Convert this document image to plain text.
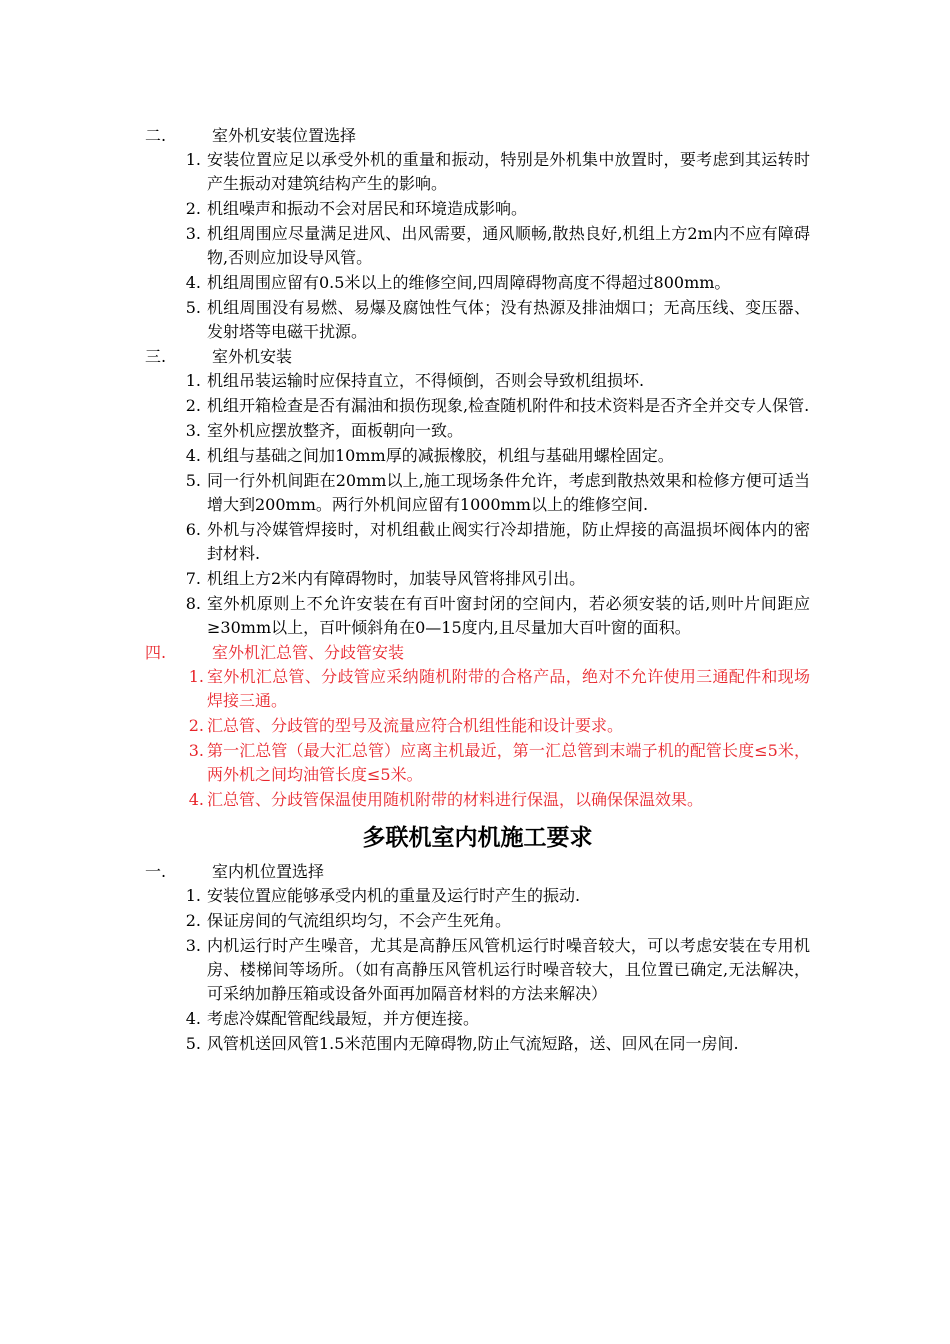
二.	室外机安装位置选择
1. 安装位置应足以承受外机的重量和振动，特别是外机集中放置时，要考虑到其运转时产生振动对建筑结构产生的影响。
2. 机组噪声和振动不会对居民和环境造成影响。
3. 机组周围应尽量满足进风、出风需要，通风顺畅,散热良好,机组上方2m内不应有障碍物,否则应加设导风管。
4. 机组周围应留有0.5米以上的维修空间,四周障碍物高度不得超过800mm。
5. 机组周围没有易燃、易爆及腐蚀性气体；没有热源及排油烟口；无高压线、变压器、发射塔等电磁干扰源。
三.	室外机安装
1. 机组吊装运输时应保持直立，不得倾倒，否则会导致机组损坏.
2. 机组开箱检查是否有漏油和损伤现象,检查随机附件和技术资料是否齐全并交专人保管.
3. 室外机应摆放整齐，面板朝向一致。
4. 机组与基础之间加10mm厚的减振橡胶，机组与基础用螺栓固定。
5. 同一行外机间距在20mm以上,施工现场条件允许，考虑到散热效果和检修方便可适当增大到200mm。两行外机间应留有1000mm以上的维修空间.
6. 外机与冷媒管焊接时，对机组截止阀实行冷却措施，防止焊接的高温损坏阀体内的密封材料.
7. 机组上方2米内有障碍物时，加装导风管将排风引出。
8. 室外机原则上不允许安装在有百叶窗封闭的空间内，若必须安装的话,则叶片间距应≥30mm以上，百叶倾斜角在0—15度内,且尽量加大百叶窗的面积。
四.	室外机汇总管、分歧管安装
1. 室外机汇总管、分歧管应采纳随机附带的合格产品，绝对不允许使用三通配件和现场焊接三通。
2. 汇总管、分歧管的型号及流量应符合机组性能和设计要求。
3. 第一汇总管（最大汇总管）应离主机最近，第一汇总管到末端子机的配管长度≤5米，两外机之间均油管长度≤5米。
4. 汇总管、分歧管保温使用随机附带的材料进行保温，以确保保温效果。
多联机室内机施工要求
一.	室内机位置选择
1. 安装位置应能够承受内机的重量及运行时产生的振动.
2. 保证房间的气流组织均匀，不会产生死角。
3. 内机运行时产生噪音，尤其是高静压风管机运行时噪音较大，可以考虑安装在专用机房、楼梯间等场所。（如有高静压风管机运行时噪音较大，且位置已确定,无法解决，可采纳加静压箱或设备外面再加隔音材料的方法来解决）
4. 考虑冷媒配管配线最短，并方便连接。
5. 风管机送回风管1.5米范围内无障碍物,防止气流短路，送、回风在同一房间.
